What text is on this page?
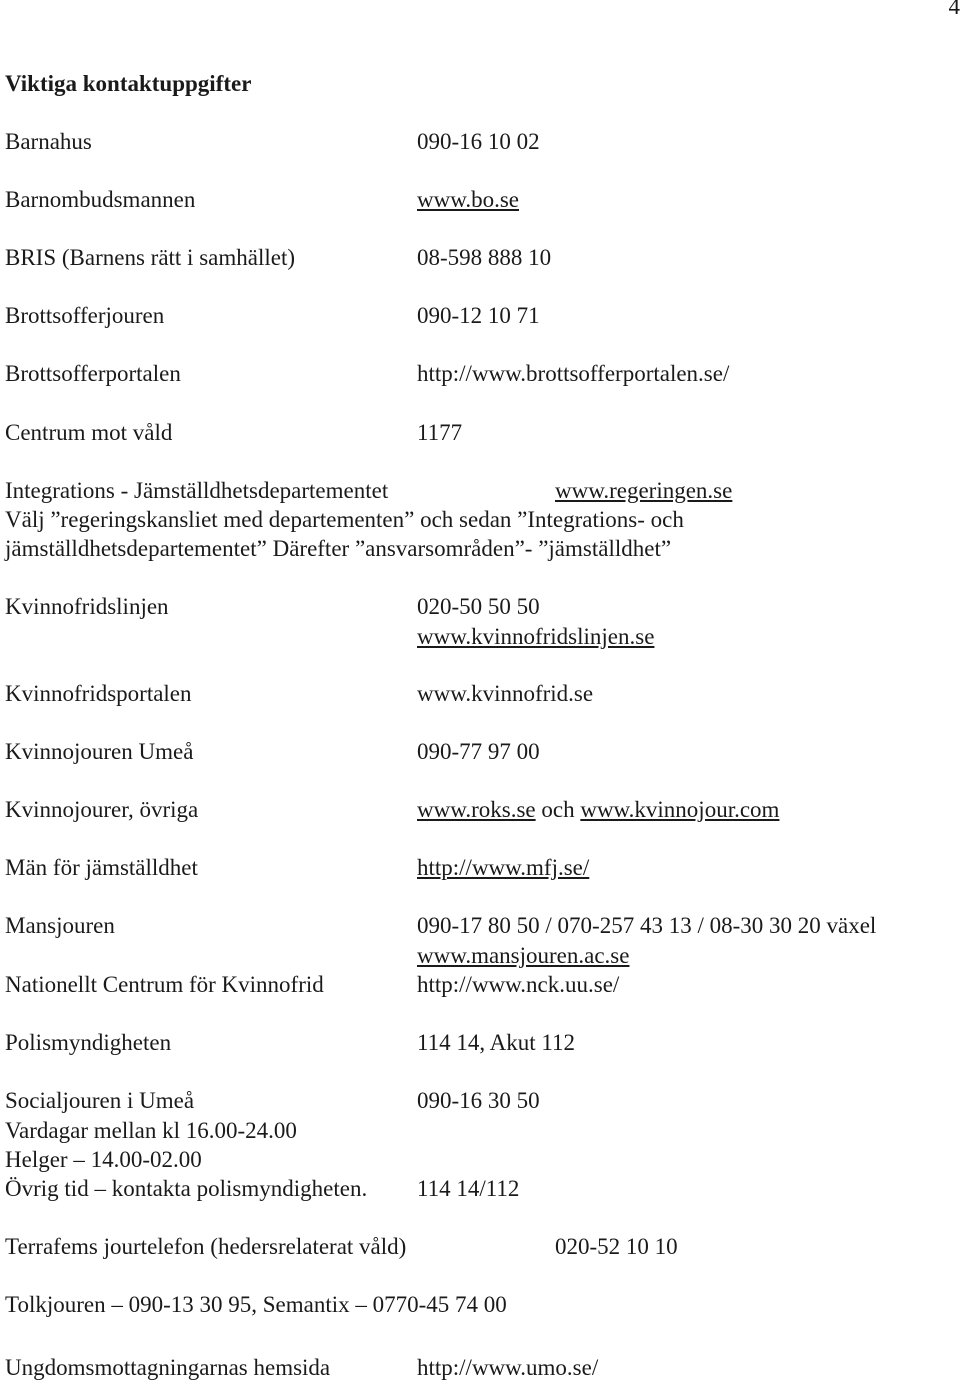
4

Viktiga kontaktuppgifter

Barnahus	090-16 10 02

Barnombudsmannen	www.bo.se

BRIS (Barnens rätt i samhället)	08-598 888 10

Brottsofferjouren	090-12 10 71

Brottsofferportalen	http://www.brottsofferportalen.se/

Centrum mot våld	1177

Integrations - Jämställdhetsdepartementet	www.regeringen.se

Välj ”regeringskansliet med departementen” och sedan ”Integrations- och

jämställdhetsdepartementet” Därefter ”ansvarsområden”- ”jämställdhet”

Kvinnofridslinjen	020-50 50 50

www.kvinnofridslinjen.se

Kvinnofridsportalen	www.kvinnofrid.se

Kvinnojouren Umeå	090-77 97 00

Kvinnojourer, övriga	www.roks.se och www.kvinnojour.com

Män för jämställdhet	http://www.mfj.se/

Mansjouren	090-17 80 50 / 070-257 43 13 / 08-30 30 20 växel

www.mansjouren.ac.se

Nationellt Centrum för Kvinnofrid	http://www.nck.uu.se/

Polismyndigheten	114 14, Akut 112

Socialjouren i Umeå	090-16 30 50

Vardagar mellan kl 16.00-24.00

Helger – 14.00-02.00

Övrig tid – kontakta polismyndigheten. 114 14/112

Terrafems jourtelefon (hedersrelaterat våld)	020-52 10 10

Tolkjouren – 090-13 30 95, Semantix – 0770-45 74 00

Ungdomsmottagningarnas hemsida	http://www.umo.se/
